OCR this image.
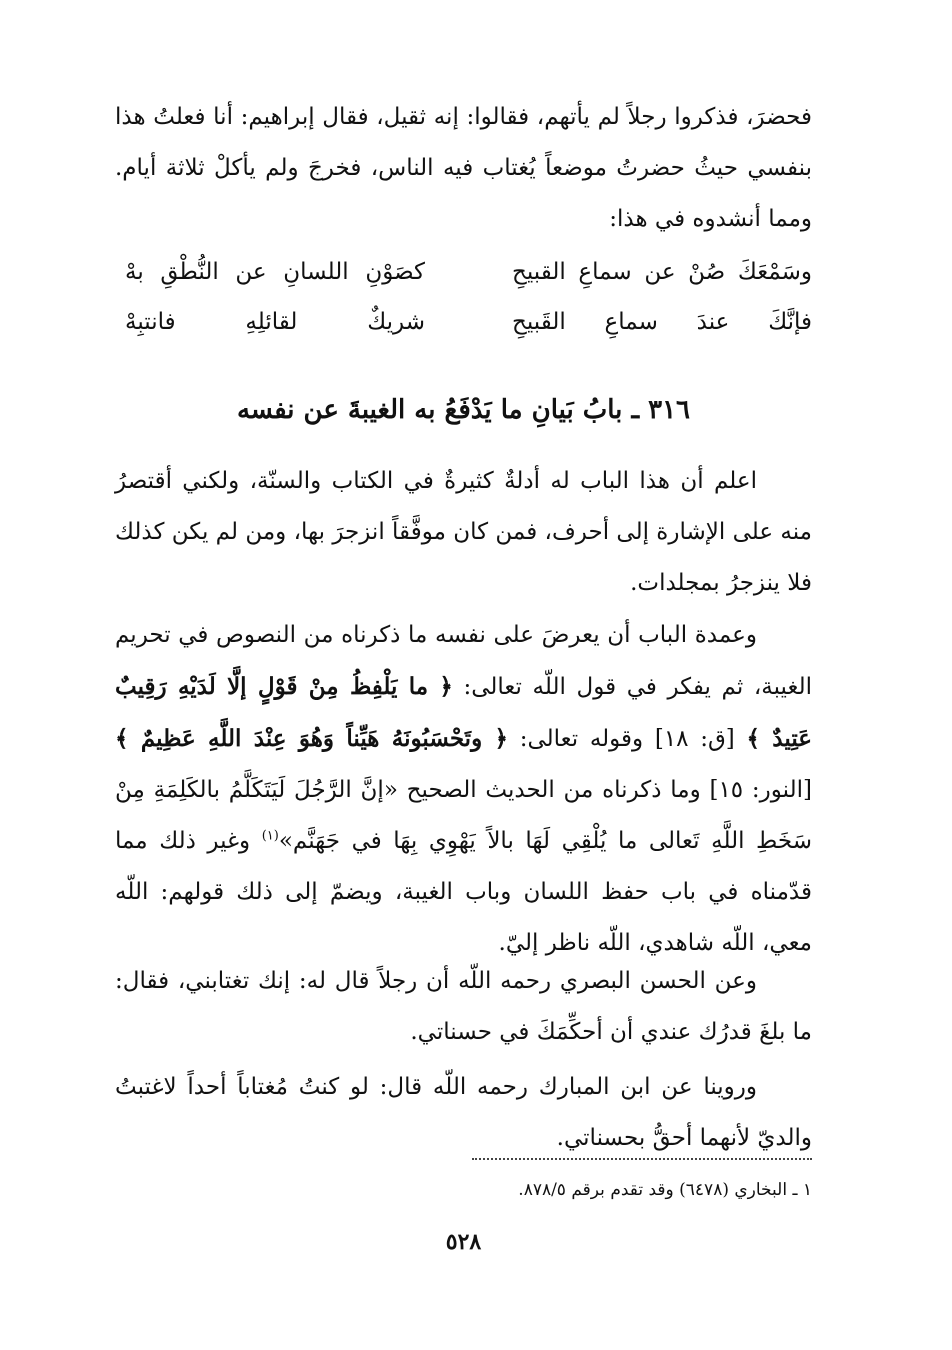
فحضرَ، فذكروا رجلاً لم يأتهم، فقالوا: إنه ثقيل، فقال إبراهيم: أنا فعلتُ هذا بنفسي حيثُ حضرتُ موضعاً يُغتاب فيه الناس، فخرجَ ولم يأكلْ ثلاثة أيام. ومما أنشدوه في هذا:

وسَمْعَكَ صُنْ عن سماعِ القبيحِ
كصَوْنِ اللسانِ عن النُّطْقِ بهْ
فإنَّكَ عندَ سماعِ القَبيحِ
شريكٌ لقائلِهِ فانتبِهْ
٣١٦ ـ بابُ بَيانِ ما يَدْفَعُ به الغيبةَ عن نفسه

اعلم أن هذا الباب له أدلةٌ كثيرةٌ في الكتاب والسنّة، ولكني أقتصرُ منه على الإشارة إلى أحرف، فمن كان موفَّقاً انزجرَ بها، ومن لم يكن كذلك فلا ينزجرُ بمجلدات.

وعمدة الباب أن يعرضَ على نفسه ما ذكرناه من النصوص في تحريم الغيبة، ثم يفكر في قول اللّه تعالى: ﴿ ما يَلْفِظُ مِنْ قَوْلٍ إلَّا لَدَيْهِ رَقِيبٌ عَتِيدٌ ﴾ [ق: ١٨] وقوله تعالى: ﴿ وتَحْسَبُونَهُ هَيِّناً وَهُوَ عِنْدَ اللَّهِ عَظِيمٌ ﴾ [النور: ١٥] وما ذكرناه من الحديث الصحيح «إنَّ الرَّجُلَ لَيَتَكَلَّمُ بالكَلِمَةِ مِنْ سَخَطِ اللَّهِ تَعالى ما يُلْقِي لَهَا بالاً يَهْوِي بِهَا في جَهَنَّم»$^{(١)}$ وغير ذلك مما قدّمناه في باب حفظ اللسان وباب الغيبة، ويضمّ إلى ذلك قولهم: اللّه معي، اللّه شاهدي، اللّه ناظر إليّ.

وعن الحسن البصري رحمه اللّه أن رجلاً قال له: إنك تغتابني، فقال: ما بلغَ قدرُك عندي أن أحكِّمَكَ في حسناتي.

وروينا عن ابن المبارك رحمه اللّه قال: لو كنتُ مُغتاباً أحداً لاغتبتُ والديّ لأنهما أحقُّ بحسناتي.

١ ـ البخاري (٦٤٧٨) وقد تقدم برقم ٨٧٨/٥.
٥٢٨
